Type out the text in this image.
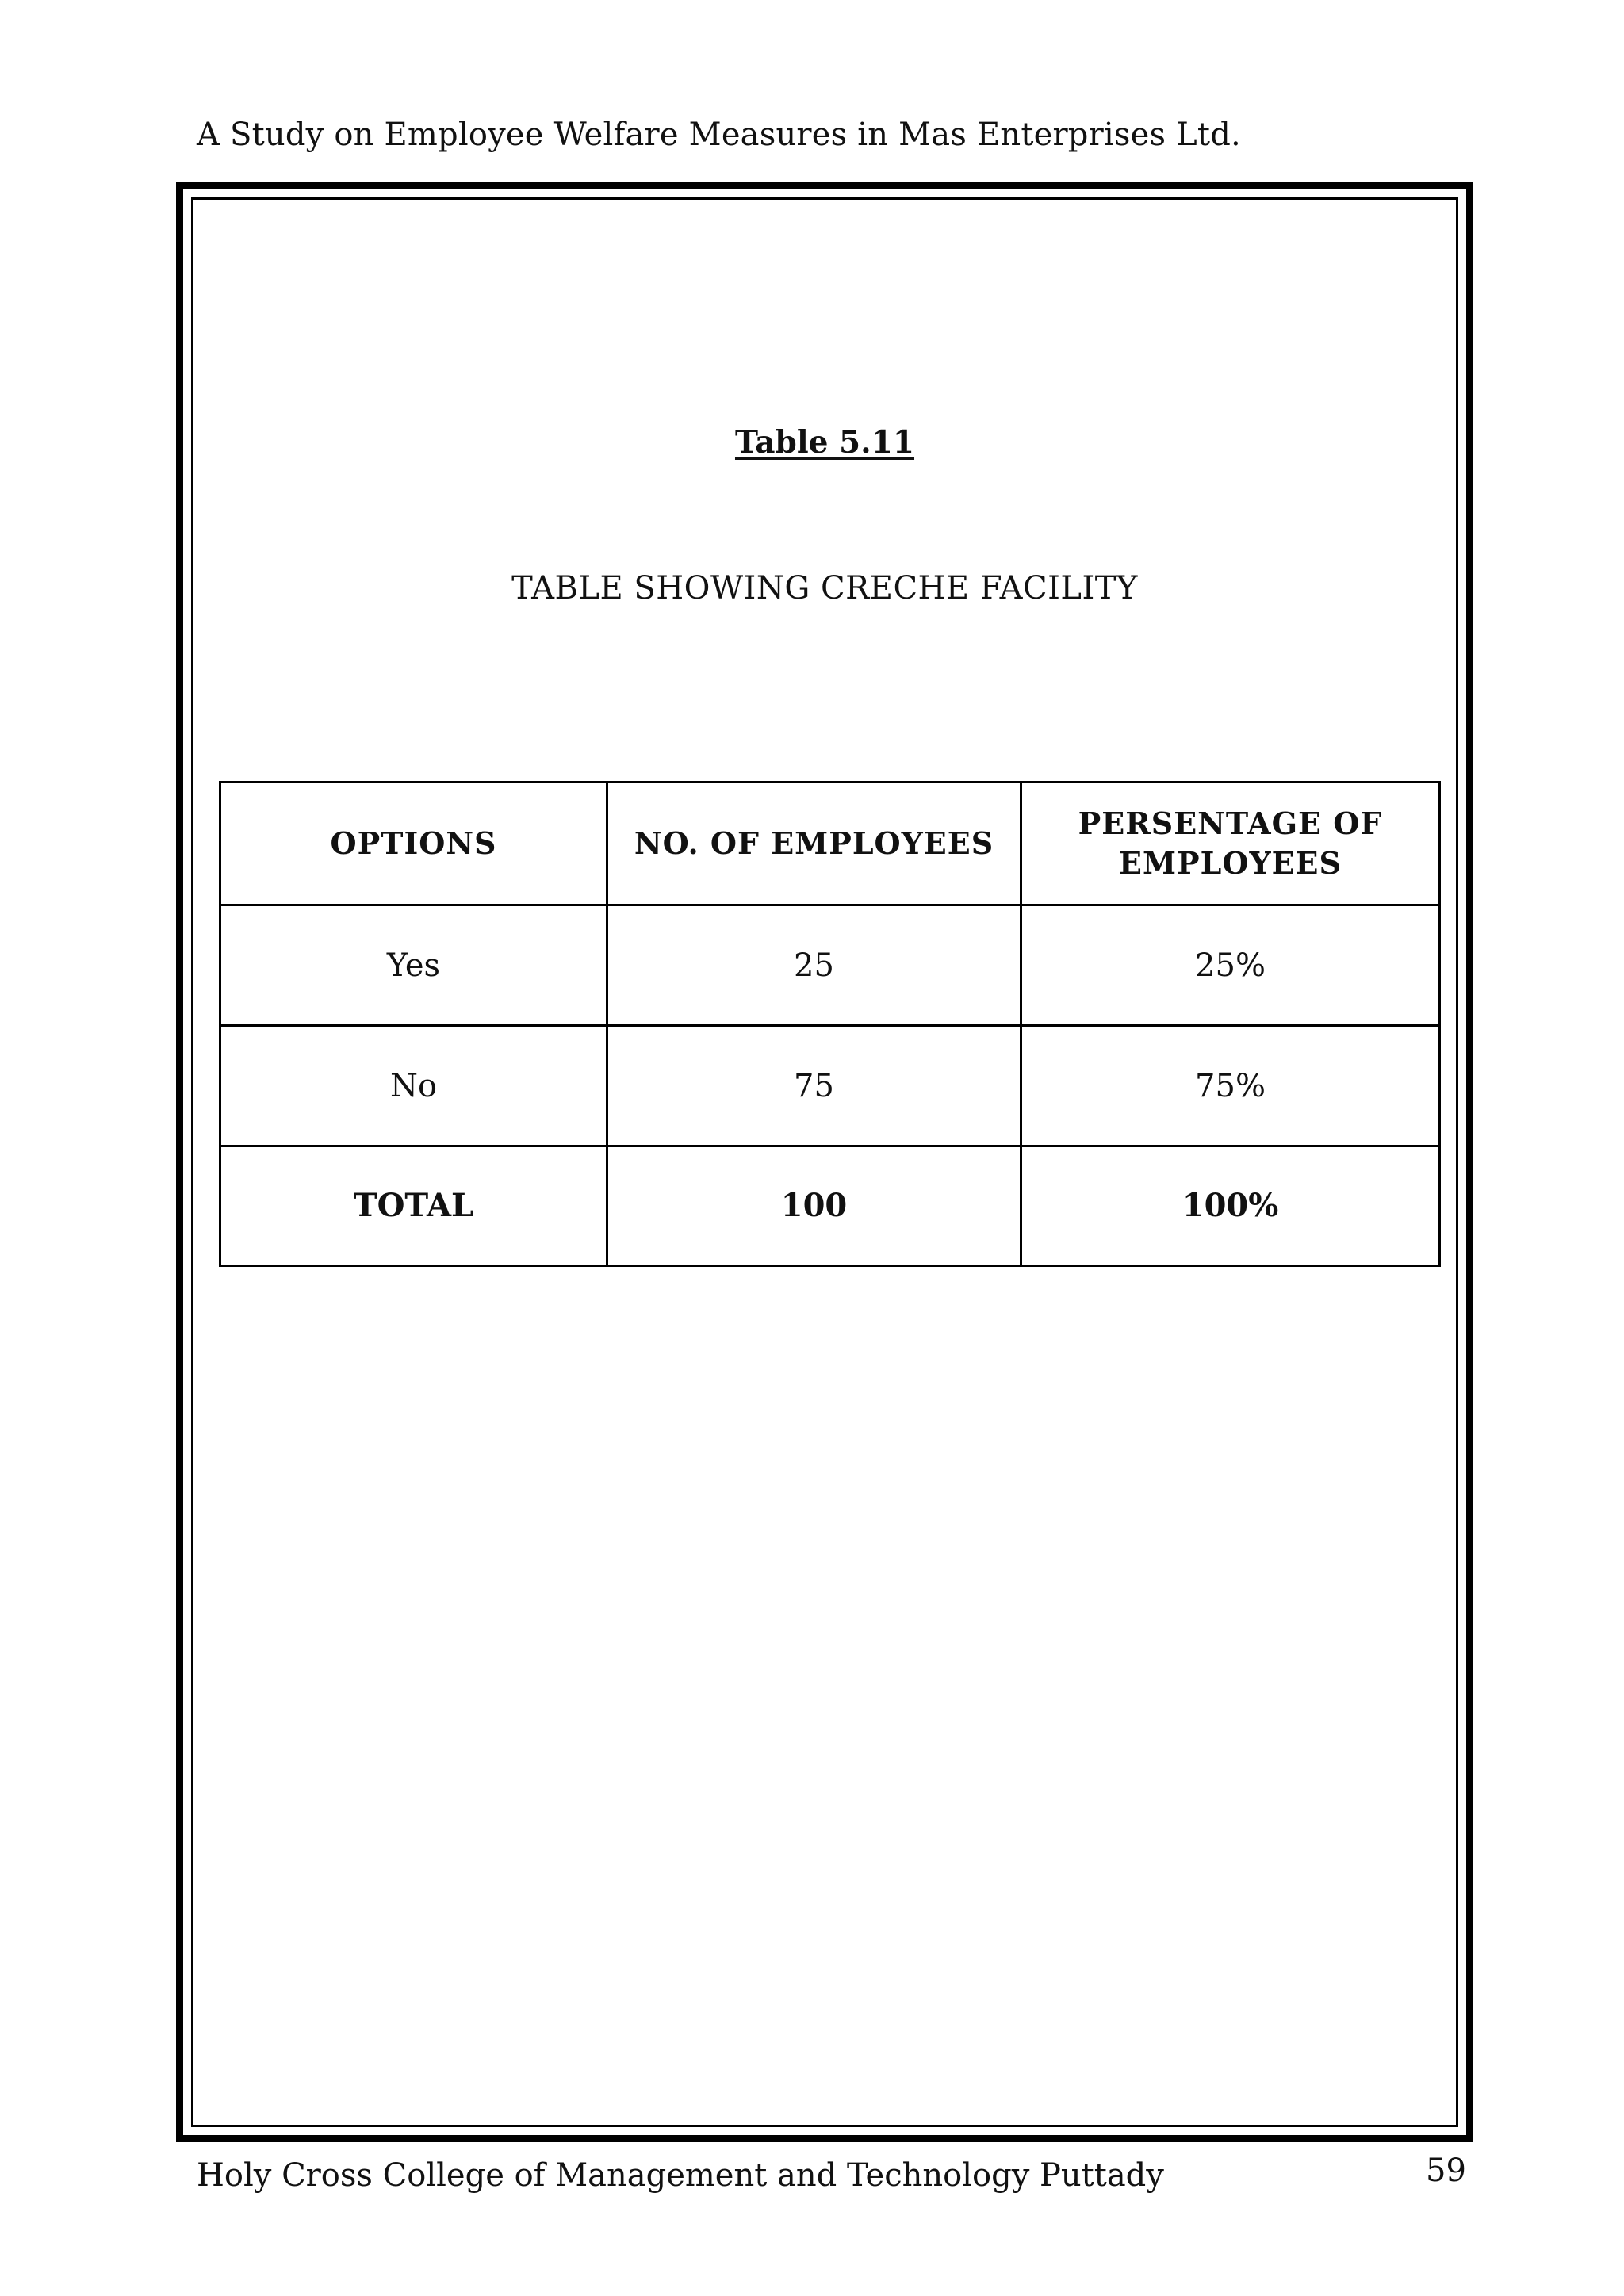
A Study on Employee Welfare Measures in Mas Enterprises Ltd.
Table 5.11
TABLE SHOWING CRECHE FACILITY
OPTIONS	NO. OF EMPLOYEES	PERSENTAGE OF EMPLOYEES
Yes	25	25%
No	75	75%
TOTAL	100	100%
Holy Cross College of Management and Technology Puttady	59
